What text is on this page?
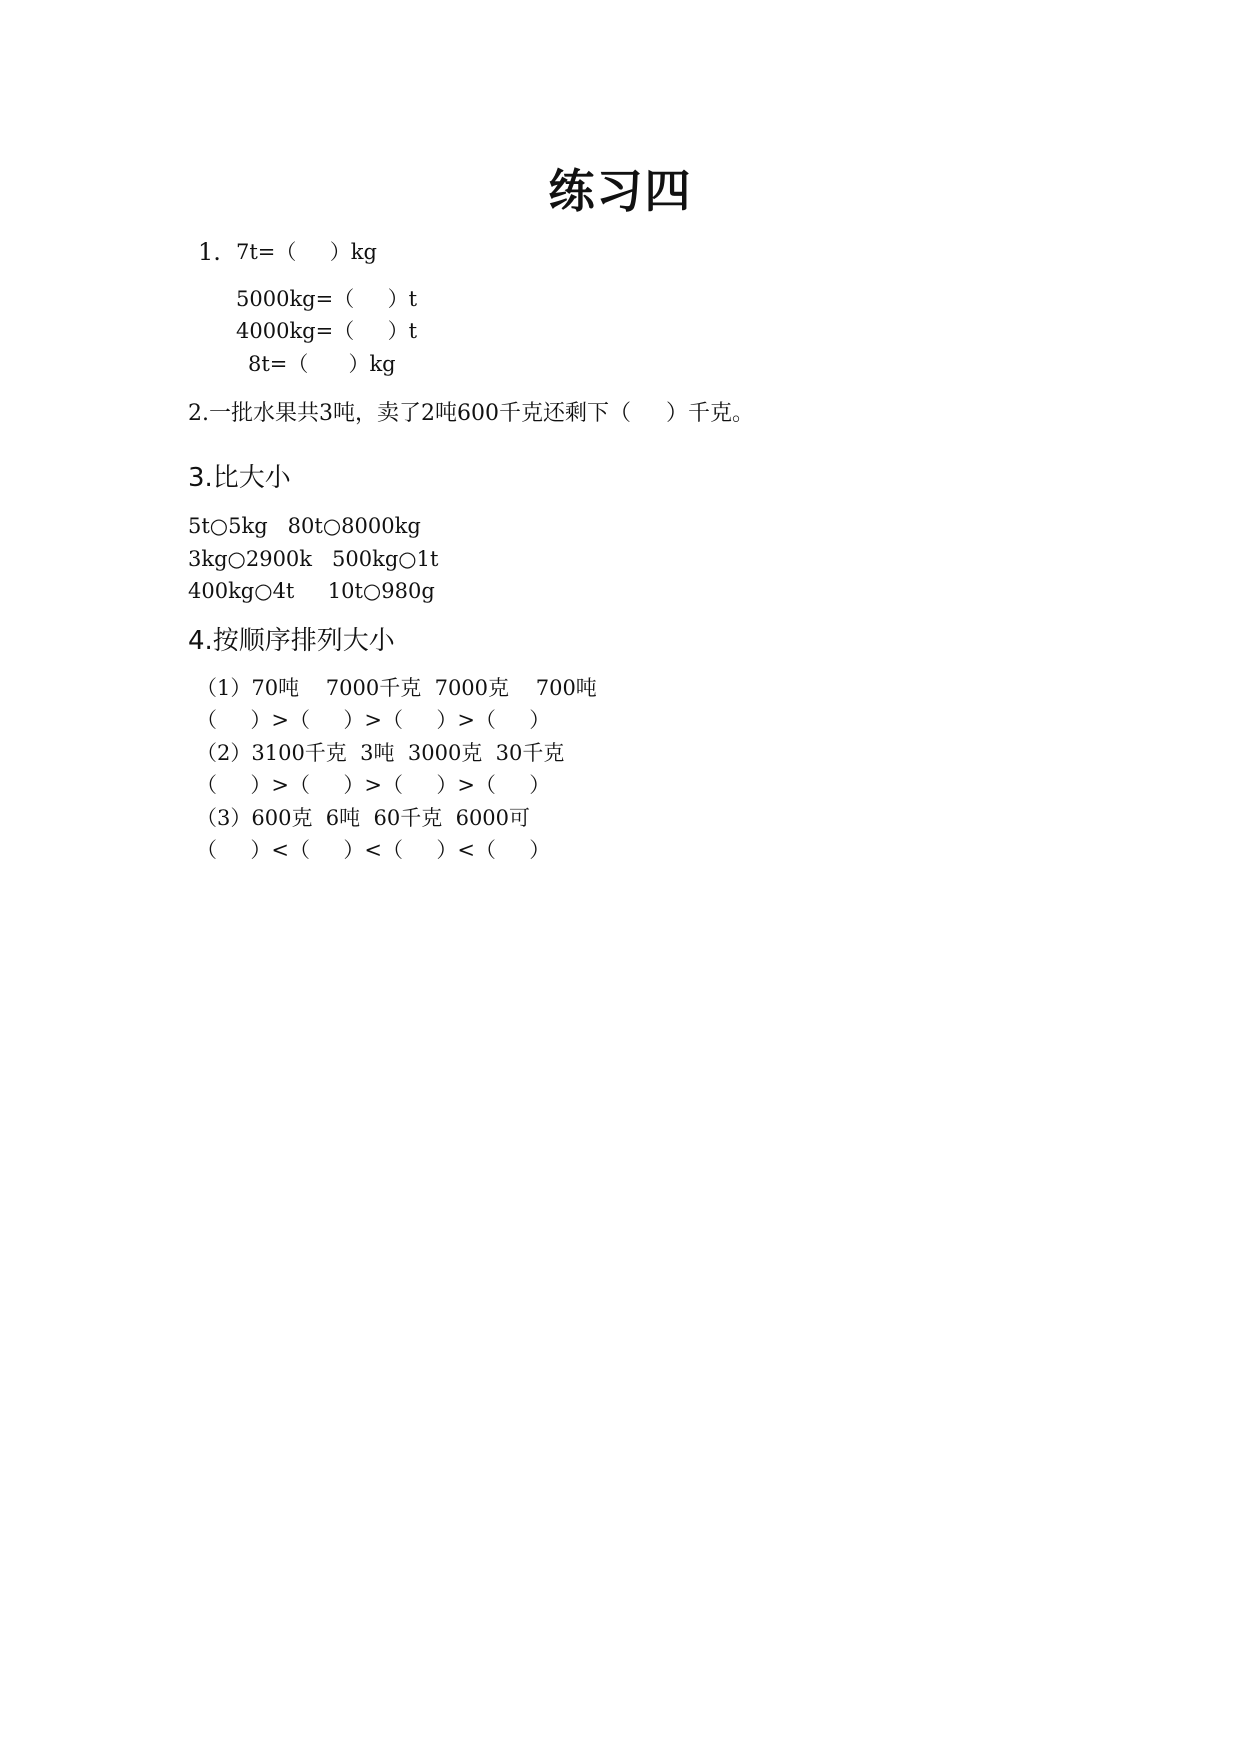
练习四
1. 7t=（     ）kg
5000kg=（     ）t
4000kg=（     ）t
8t=（      ）kg
2.一批水果共3吨，卖了2吨600千克还剩下（     ）千克。
3.比大小
5t○5kg   80t○8000kg
3kg○2900k   500kg○1t
400kg○4t     10t○980g
4.按顺序排列大小
（1）70吨    7000千克  7000克    700吨
（     ）>（     ）>（     ）>（     ）
（2）3100千克  3吨  3000克  30千克
（     ）>（     ）>（     ）>（     ）
（3）600克  6吨  60千克  6000可
（     ）<（     ）<（     ）<（     ）
